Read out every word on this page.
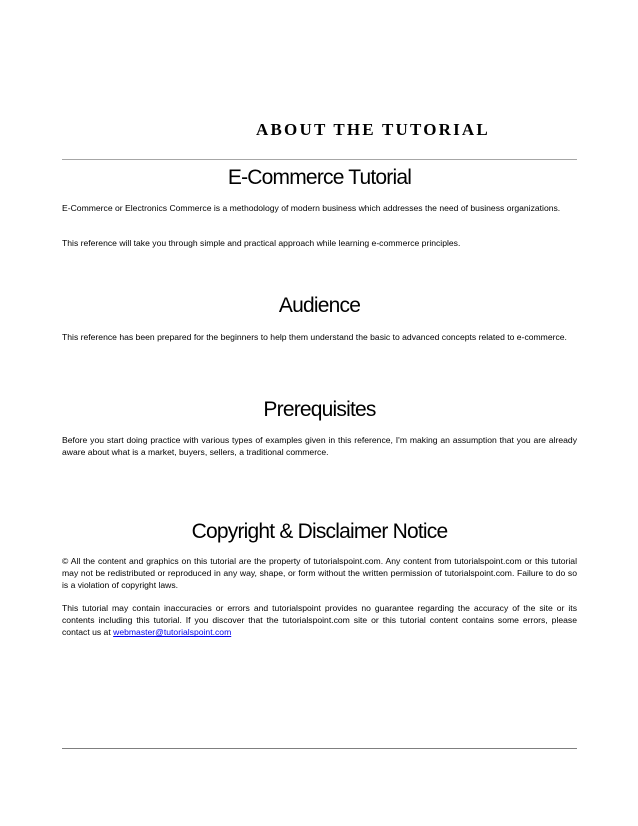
ABOUT THE TUTORIAL
E-Commerce Tutorial

E-Commerce or Electronics Commerce is a methodology of modern business which addresses the need of business organizations.

This reference will take you through simple and practical approach while learning e-commerce principles.

Audience

This reference has been prepared for the beginners to help them understand the basic to advanced concepts related to e-commerce.

Prerequisites

Before you start doing practice with various types of examples given in this reference, I'm making an assumption that you are already aware about what is a market, buyers, sellers, a traditional commerce.

Copyright & Disclaimer Notice

© All the content and graphics on this tutorial are the property of tutorialspoint.com. Any content from tutorialspoint.com or this tutorial may not be redistributed or reproduced in any way, shape, or form without the written permission of tutorialspoint.com. Failure to do so is a violation of copyright laws.

This tutorial may contain inaccuracies or errors and tutorialspoint provides no guarantee regarding the accuracy of the site or its contents including this tutorial. If you discover that the tutorialspoint.com site or this tutorial content contains some errors, please contact us at webmaster@tutorialspoint.com
